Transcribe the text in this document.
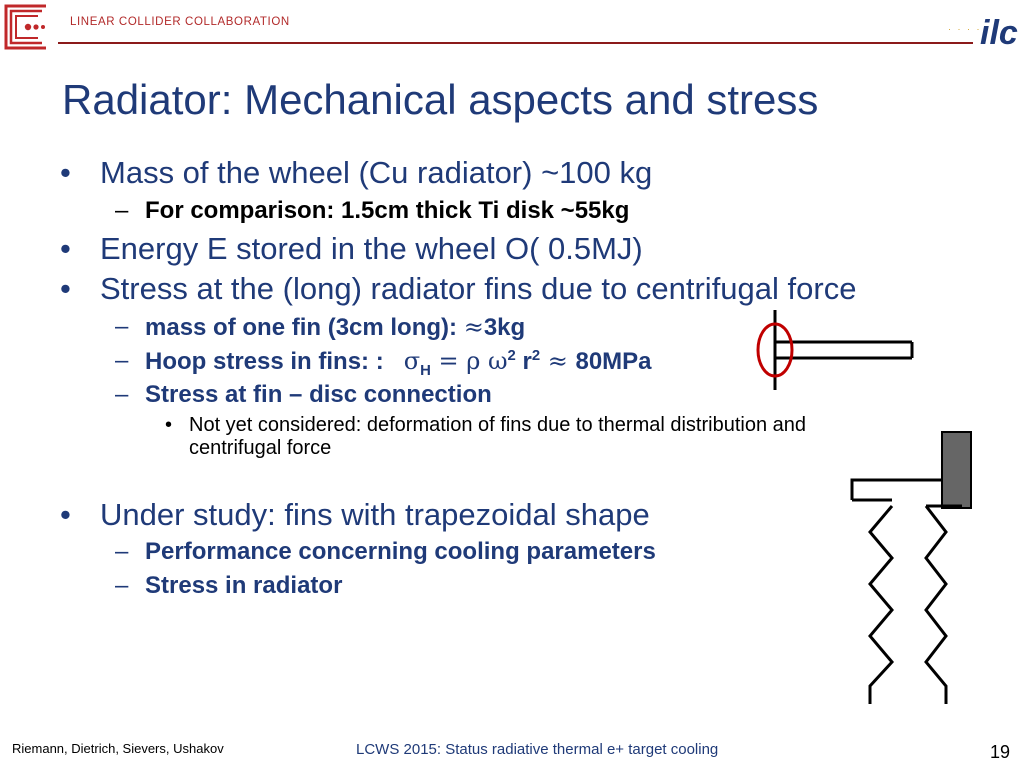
LINEAR COLLIDER COLLABORATION
· · · ·
ilc
Radiator: Mechanical aspects and stress
• Mass of the wheel (Cu radiator) ~100 kg
– For comparison: 1.5cm thick Ti disk ~55kg
• Energy E stored in the wheel O( 0.5MJ)
• Stress at the (long) radiator fins due to centrifugal force
– mass of one fin (3cm long): ≈3kg
– Hoop stress in fins: :   $\sigma_H = \rho$ $\omega^2$ $r^2 \approx 80MPa$
– Stress at fin – disc connection
• Not yet considered: deformation of fins due to thermal distribution and
centrifugal force
• Under study: fins with trapezoidal shape
– Performance concerning cooling parameters
– Stress in radiator
Riemann, Dietrich, Sievers, Ushakov	LCWS 2015: Status radiative thermal e+ target cooling	19
